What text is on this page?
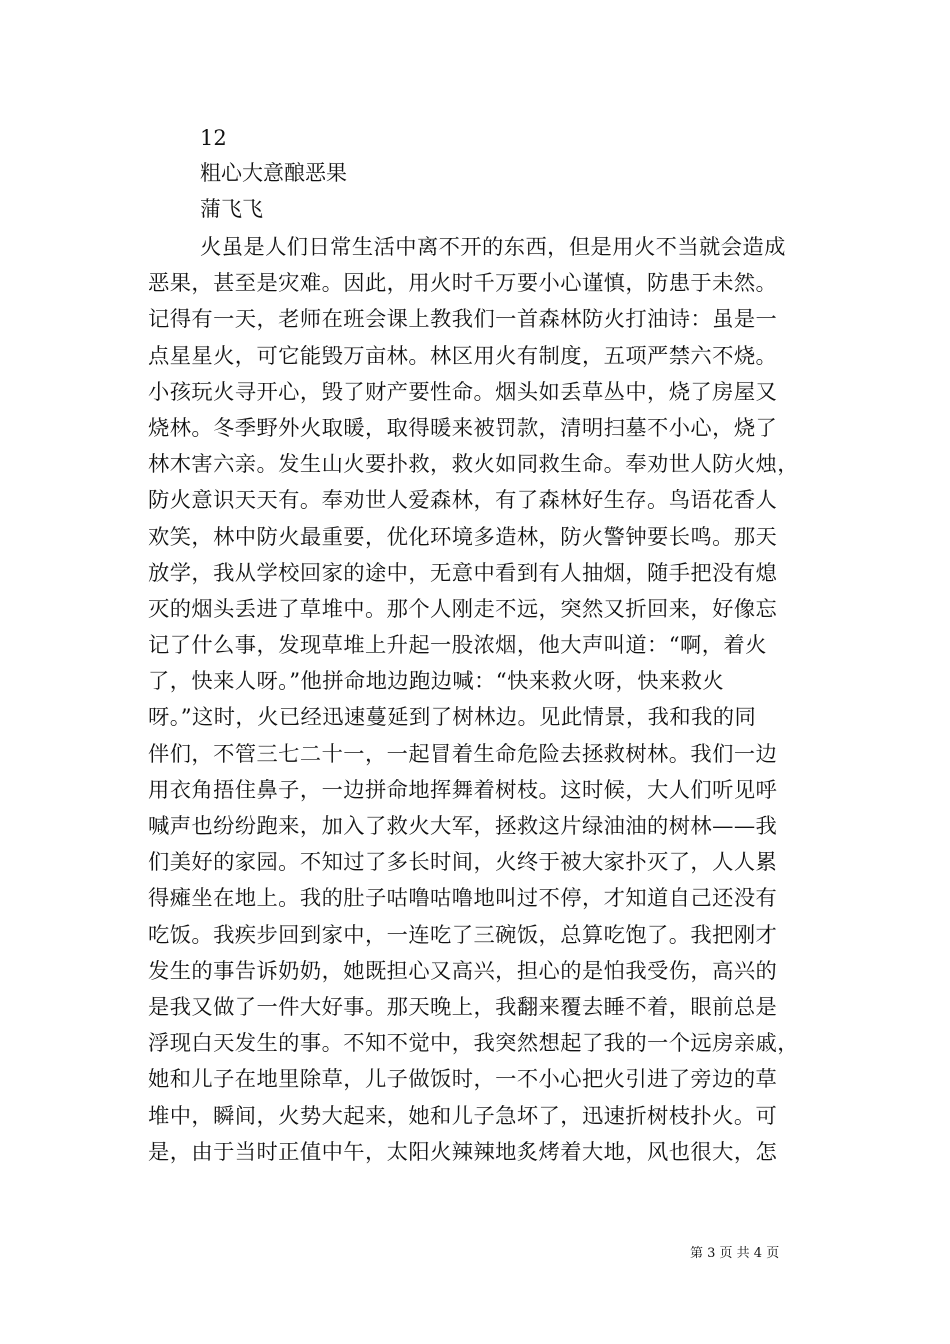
12
粗心大意酿恶果
蒲飞飞
火虽是人们日常生活中离不开的东西，但是用火不当就会造成
恶果，甚至是灾难。因此，用火时千万要小心谨慎，防患于未然。
记得有一天，老师在班会课上教我们一首森林防火打油诗：虽是一
点星星火，可它能毁万亩林。林区用火有制度，五项严禁六不烧。
小孩玩火寻开心，毁了财产要性命。烟头如丢草丛中，烧了房屋又
烧林。冬季野外火取暖，取得暖来被罚款，清明扫墓不小心，烧了
林木害六亲。发生山火要扑救，救火如同救生命。奉劝世人防火烛，
防火意识天天有。奉劝世人爱森林，有了森林好生存。鸟语花香人
欢笑，林中防火最重要，优化环境多造林，防火警钟要长鸣。那天
放学，我从学校回家的途中，无意中看到有人抽烟，随手把没有熄
灭的烟头丢进了草堆中。那个人刚走不远，突然又折回来，好像忘
记了什么事，发现草堆上升起一股浓烟，他大声叫道：“啊，着火
了，快来人呀。”他拼命地边跑边喊：“快来救火呀，快来救火
呀。”这时，火已经迅速蔓延到了树林边。见此情景，我和我的同
伴们，不管三七二十一，一起冒着生命危险去拯救树林。我们一边
用衣角捂住鼻子，一边拼命地挥舞着树枝。这时候，大人们听见呼
喊声也纷纷跑来，加入了救火大军，拯救这片绿油油的树林——我
们美好的家园。不知过了多长时间，火终于被大家扑灭了，人人累
得瘫坐在地上。我的肚子咕噜咕噜地叫过不停，才知道自己还没有
吃饭。我疾步回到家中，一连吃了三碗饭，总算吃饱了。我把刚才
发生的事告诉奶奶，她既担心又高兴，担心的是怕我受伤，高兴的
是我又做了一件大好事。那天晚上，我翻来覆去睡不着，眼前总是
浮现白天发生的事。不知不觉中，我突然想起了我的一个远房亲戚，
她和儿子在地里除草，儿子做饭时，一不小心把火引进了旁边的草
堆中，瞬间，火势大起来，她和儿子急坏了，迅速折树枝扑火。可
是，由于当时正值中午，太阳火辣辣地炙烤着大地，风也很大，怎
第 3 页 共 4 页
